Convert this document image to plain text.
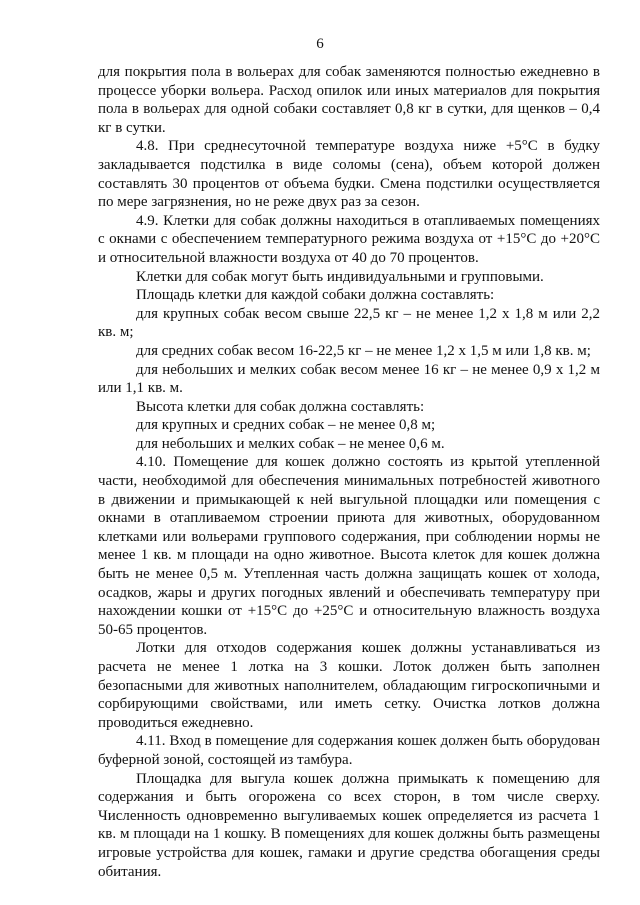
6

для покрытия пола в вольерах для собак заменяются полностью ежедневно в процессе уборки вольера. Расход опилок или иных материалов для покрытия пола в вольерах для одной собаки составляет 0,8 кг в сутки, для щенков – 0,4 кг в сутки.

4.8. При среднесуточной температуре воздуха ниже +5°С в будку закладывается подстилка в виде соломы (сена), объем которой должен составлять 30 процентов от объема будки. Смена подстилки осуществляется по мере загрязнения, но не реже двух раз за сезон.

4.9. Клетки для собак должны находиться в отапливаемых помещениях с окнами с обеспечением температурного режима воздуха от +15°С до +20°С и относительной влажности воздуха от 40 до 70 процентов.

Клетки для собак могут быть индивидуальными и групповыми.

Площадь клетки для каждой собаки должна составлять:

для крупных собак весом свыше 22,5 кг – не менее 1,2 х 1,8 м или 2,2 кв. м;

для средних собак весом 16-22,5 кг – не менее 1,2 х 1,5 м или 1,8 кв. м;

для небольших и мелких собак весом менее 16 кг – не менее 0,9 х 1,2 м или 1,1 кв. м.

Высота клетки для собак должна составлять:

для крупных и средних собак – не менее 0,8 м;

для небольших и мелких собак – не менее 0,6 м.

4.10. Помещение для кошек должно состоять из крытой утепленной части, необходимой для обеспечения минимальных потребностей животного в движении и примыкающей к ней выгульной площадки или помещения с окнами в отапливаемом строении приюта для животных, оборудованном клетками или вольерами группового содержания, при соблюдении нормы не менее 1 кв. м площади на одно животное. Высота клеток для кошек должна быть не менее 0,5 м. Утепленная часть должна защищать кошек от холода, осадков, жары и других погодных явлений и обеспечивать температуру при нахождении кошки от +15°С до +25°С и относительную влажность воздуха 50-65 процентов.

Лотки для отходов содержания кошек должны устанавливаться из расчета не менее 1 лотка на 3 кошки. Лоток должен быть заполнен безопасными для животных наполнителем, обладающим гигроскопичными и сорбирующими свойствами, или иметь сетку. Очистка лотков должна проводиться ежедневно.

4.11. Вход в помещение для содержания кошек должен быть оборудован буферной зоной, состоящей из тамбура.

Площадка для выгула кошек должна примыкать к помещению для содержания и быть огорожена со всех сторон, в том числе сверху. Численность одновременно выгуливаемых кошек определяется из расчета 1 кв. м площади на 1 кошку. В помещениях для кошек должны быть размещены игровые устройства для кошек, гамаки и другие средства обогащения среды обитания.
